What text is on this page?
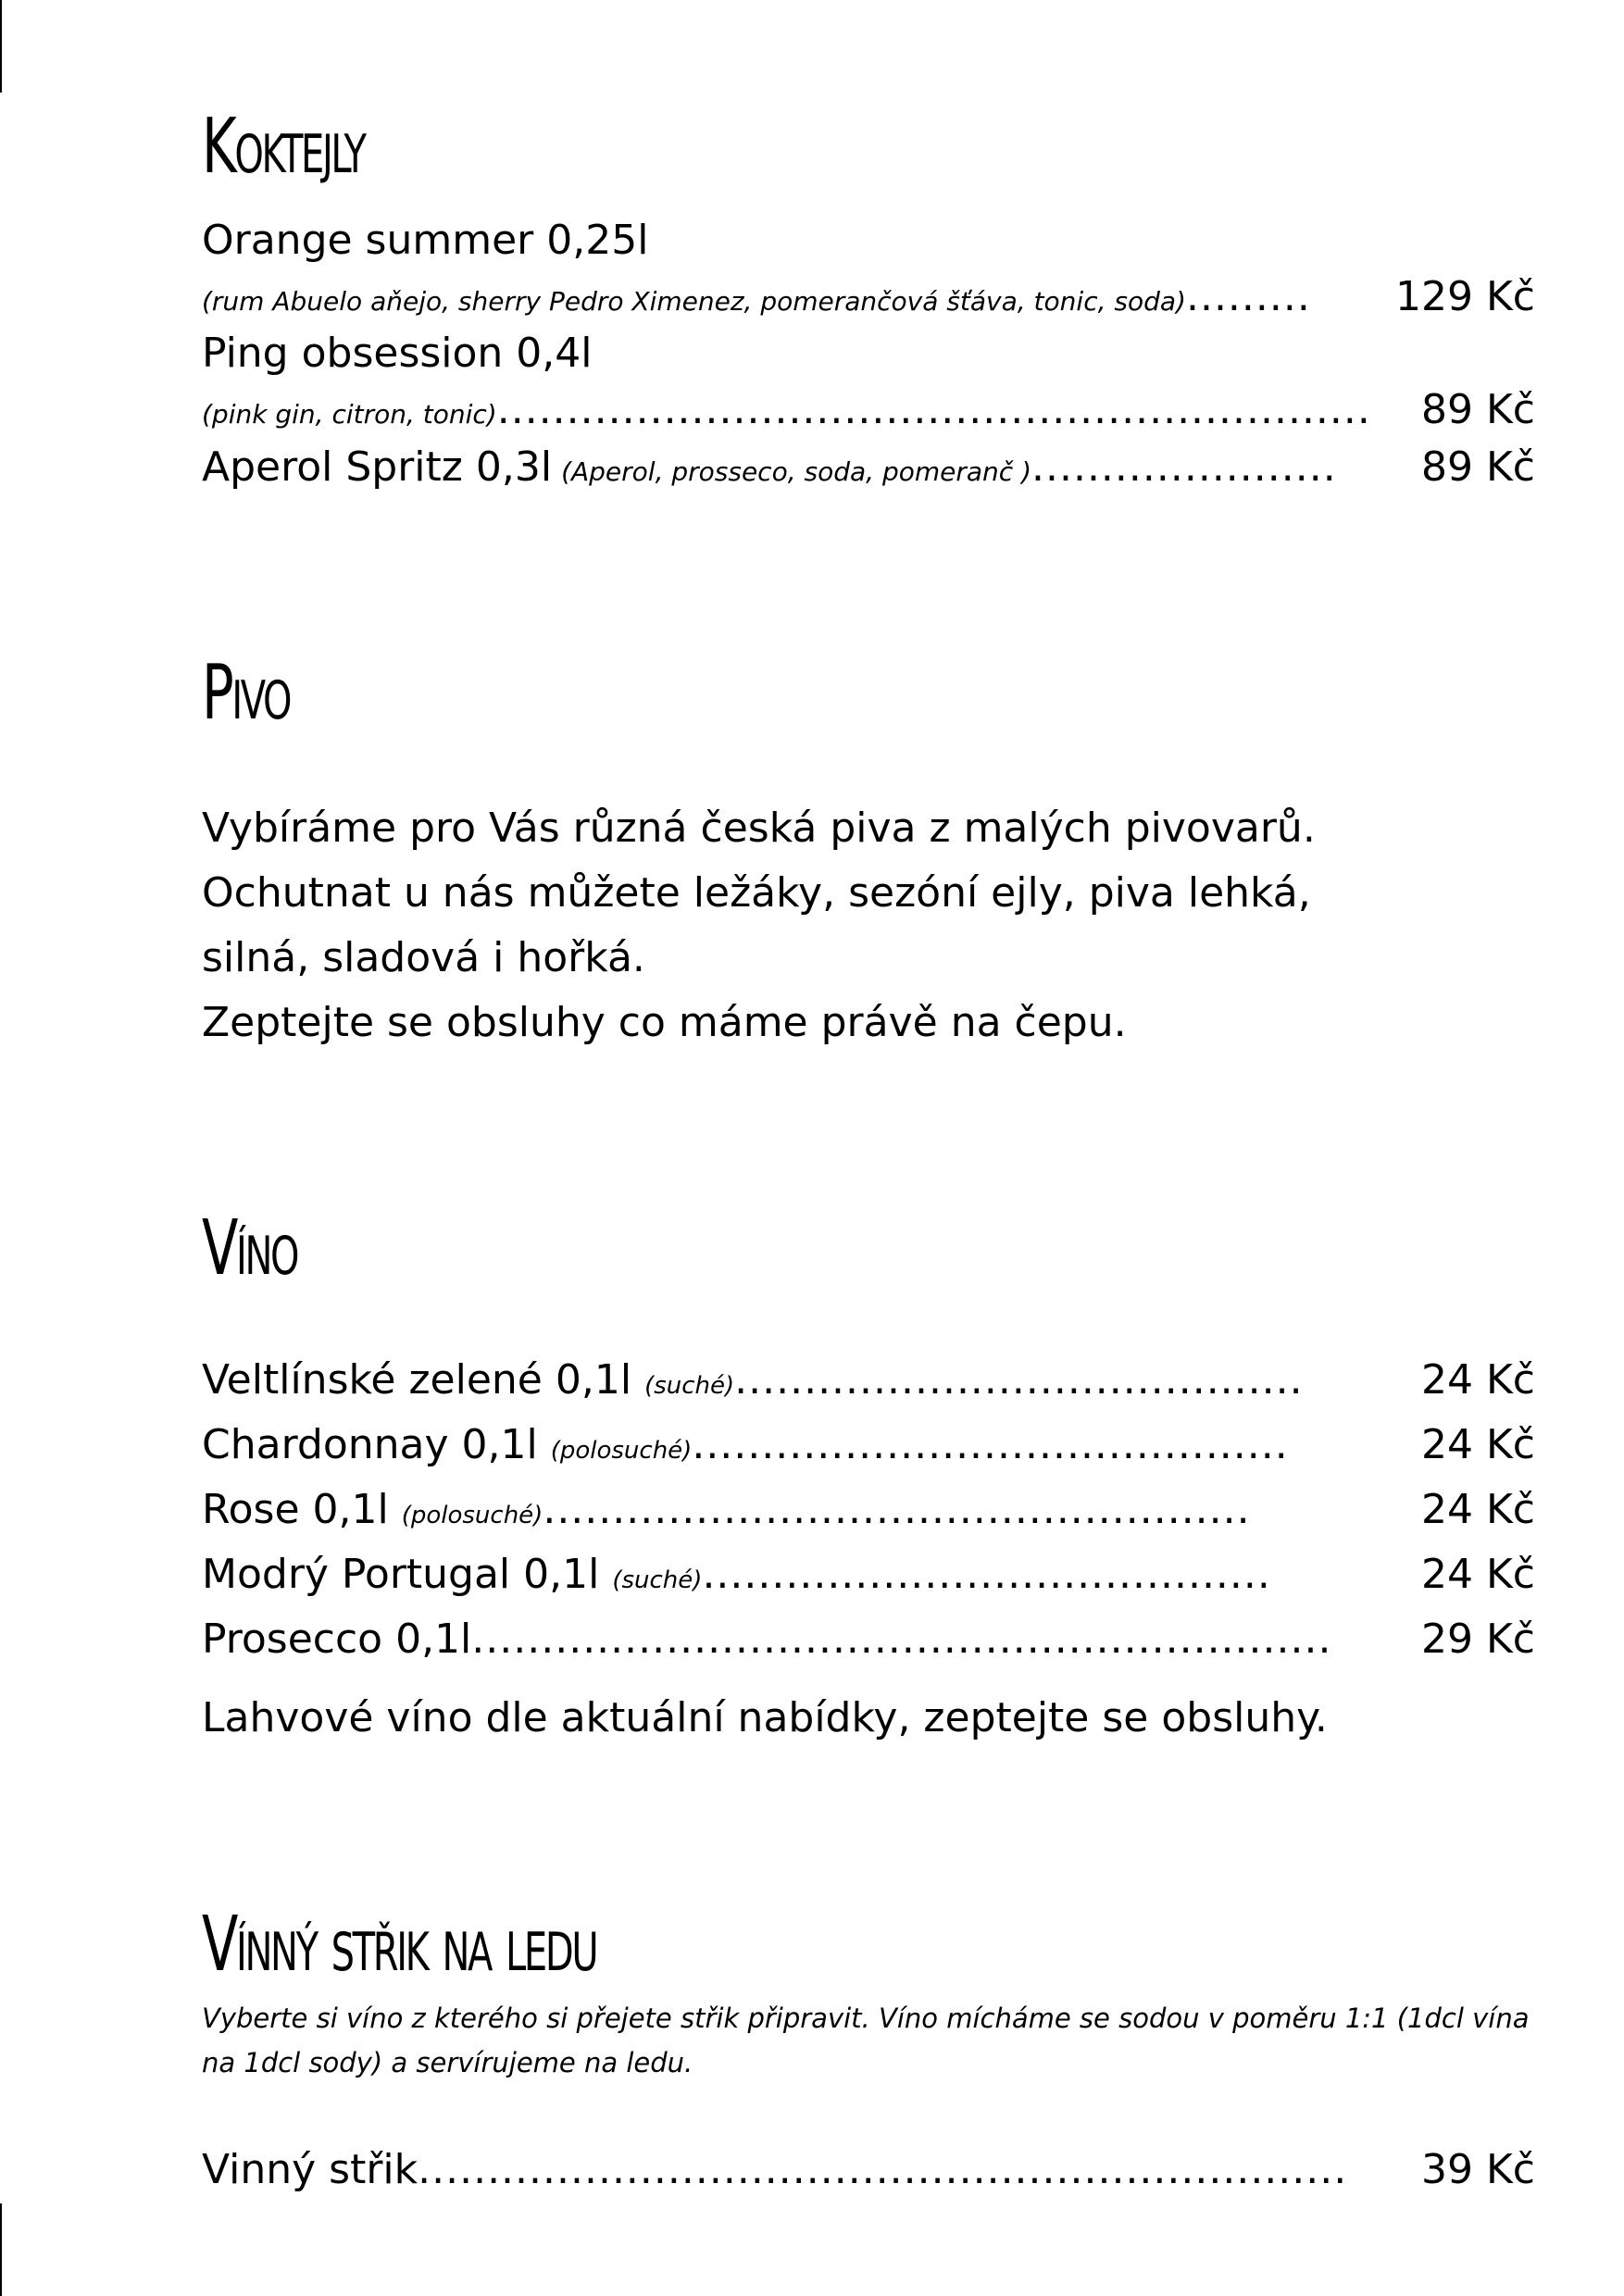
Koktejly
Orange summer 0,25l
(rum Abuelo aňejo, sherry Pedro Ximenez, pomerančová šťáva, tonic, soda) .........	129 Kč
Ping obsession 0,4l
(pink gin, citron, tonic) ...............................................................	89 Kč
Aperol Spritz 0,3l (Aperol, prosseco, soda, pomeranč ) ......................	89 Kč
Pivo
Vybíráme pro Vás různá česká piva z malých pivovarů.
Ochutnat u nás můžete ležáky, sezóní ejly, piva lehká,
silná, sladová i hořká.
Zeptejte se obsluhy co máme právě na čepu.
Víno
Veltlínské zelené 0,1l (suché) .........................................	24 Kč
Chardonnay 0,1l (polosuché) ...........................................	24 Kč
Rose 0,1l (polosuché) ...................................................	24 Kč
Modrý Portugal 0,1l (suché) .........................................	24 Kč
Prosecco 0,1l ..............................................................	29 Kč
Lahvové víno dle aktuální nabídky, zeptejte se obsluhy.
Vínný střik na ledu
Vyberte si víno z kterého si přejete střik připravit. Víno mícháme se sodou v poměru 1:1 (1dcl vína na 1dcl sody) a servírujeme na ledu.
Vinný střik ...................................................................	39 Kč
